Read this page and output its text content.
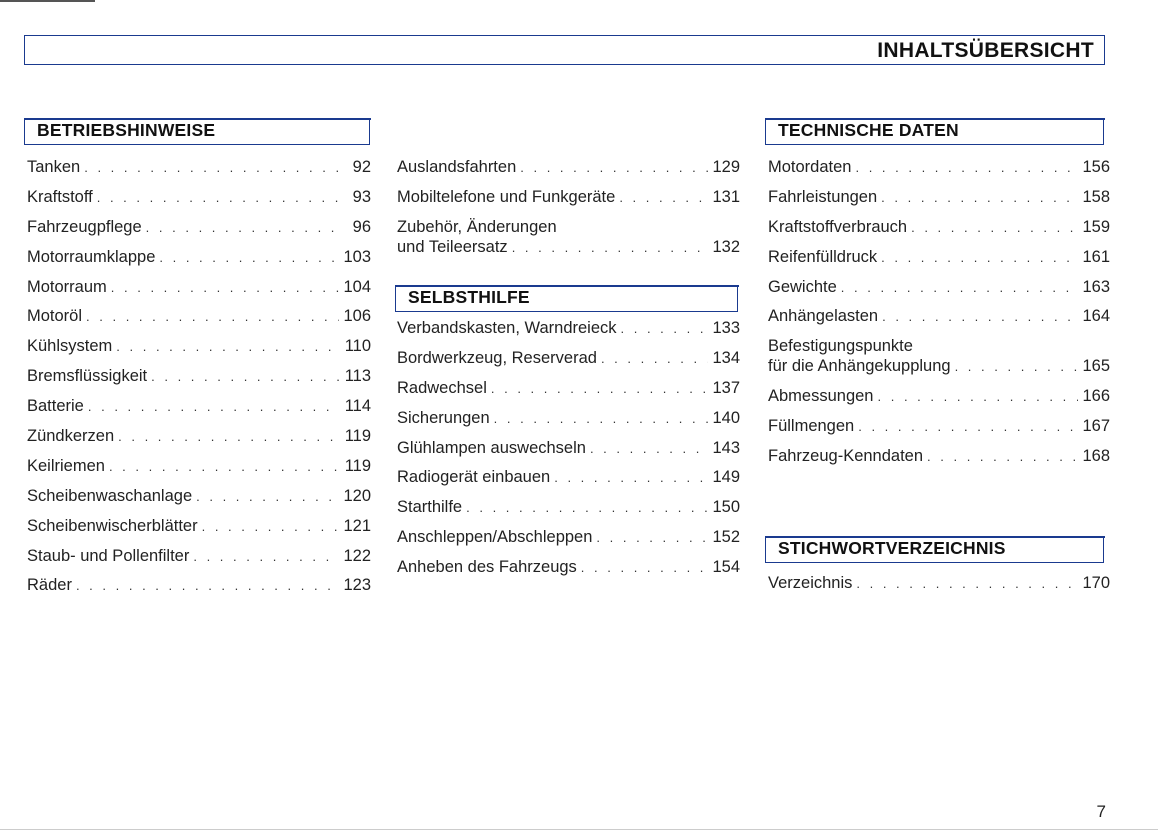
INHALTSÜBERSICHT
BETRIEBSHINWEISE
Tanken . . .	92
Kraftstoff . . .	93
Fahrzeugpflege . . .	96
Motorraumklappe . . .	103
Motorraum . . .	104
Motoröl . . .	106
Kühlsystem . . .	110
Bremsflüssigkeit . . .	113
Batterie . . .	114
Zündkerzen . . .	119
Keilriemen . . .	119
Scheibenwaschanlage . . .	120
Scheibenwischerblätter . . .	121
Staub- und Pollenfilter . . .	122
Räder . . .	123
Auslandsfahrten . . .	129
Mobiltelefone und Funkgeräte . . .	131
Zubehör, Änderungen
und Teileersatz . . .	132
SELBSTHILFE
Verbandskasten, Warndreieck . . .	133
Bordwerkzeug, Reserverad . . .	134
Radwechsel . . .	137
Sicherungen . . .	140
Glühlampen auswechseln . . .	143
Radiogerät einbauen . . .	149
Starthilfe . . .	150
Anschleppen/Abschleppen . . .	152
Anheben des Fahrzeugs . . .	154
TECHNISCHE DATEN
Motordaten . . .	156
Fahrleistungen . . .	158
Kraftstoffverbrauch . . .	159
Reifenfülldruck . . .	161
Gewichte . . .	163
Anhängelasten . . .	164
Befestigungspunkte
für die Anhängekupplung . . .	165
Abmessungen . . .	166
Füllmengen . . .	167
Fahrzeug-Kenndaten . . .	168
STICHWORTVERZEICHNIS
Verzeichnis . . .	170
7
